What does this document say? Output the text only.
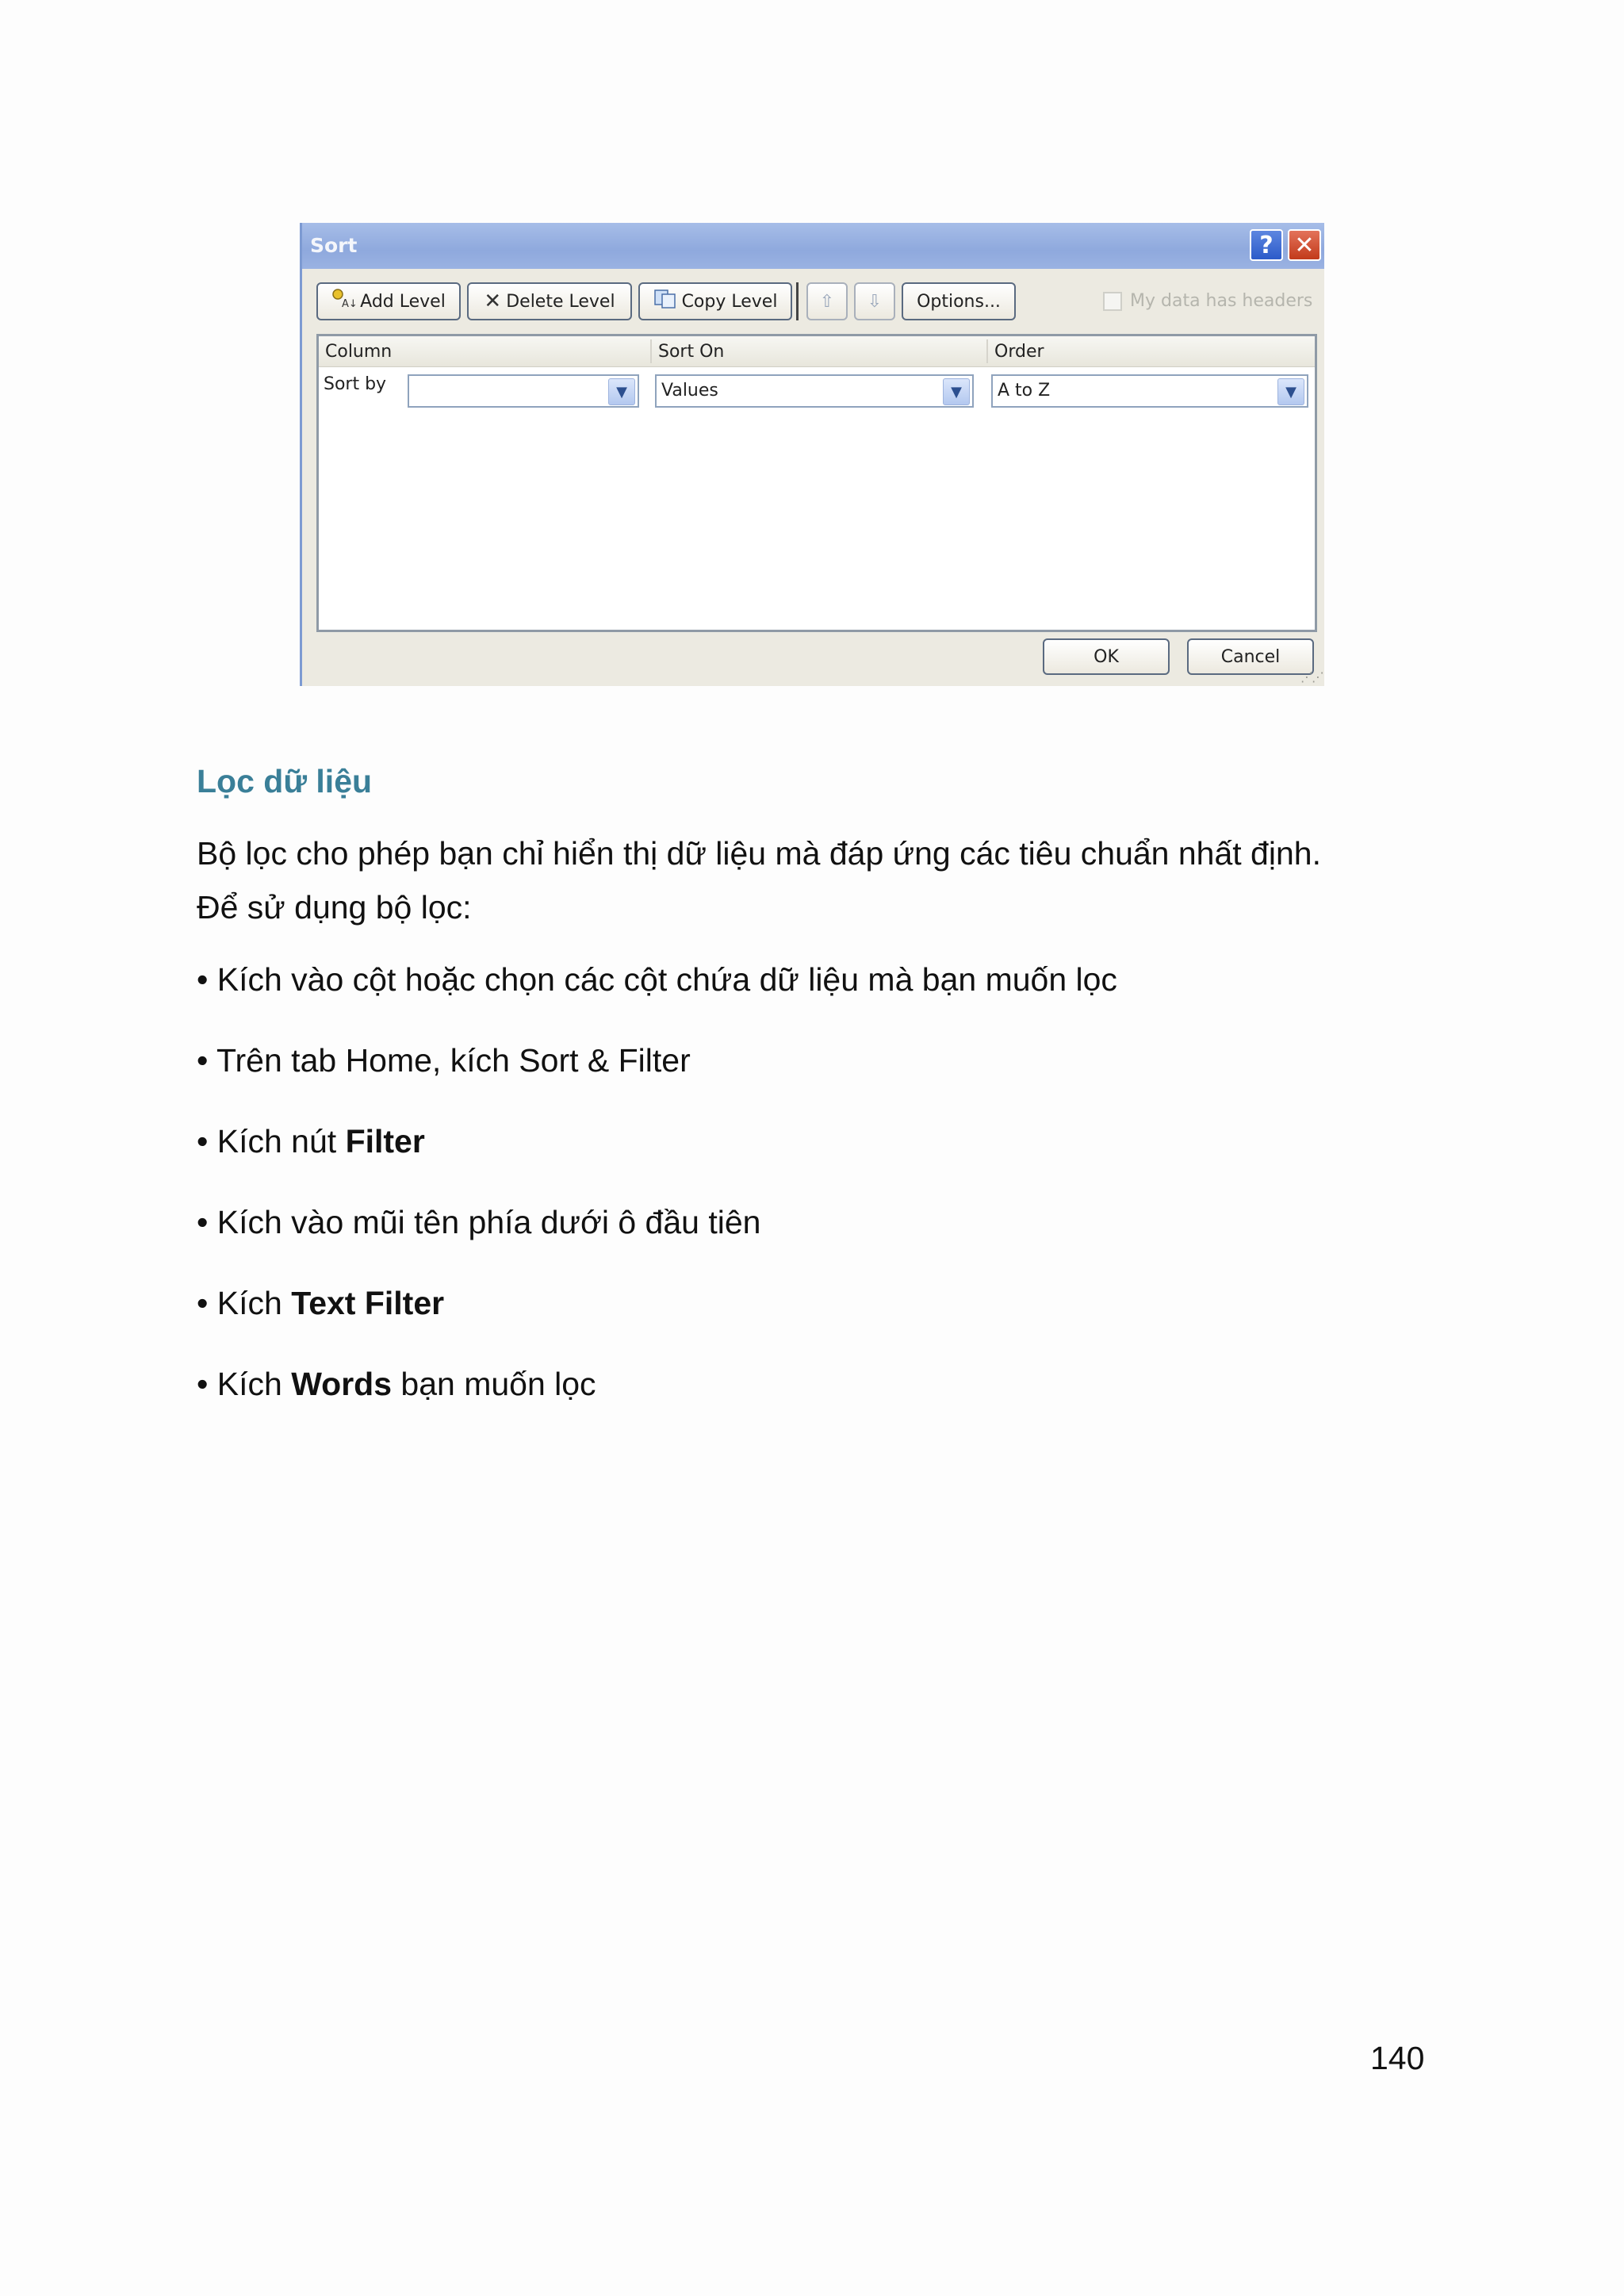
Sort	? ✕
A↓ Add Level ✕ Delete Level	Copy Level ⇧ ⇩ Options...	My data has headers
Column	Sort On	Order
Sort by	▼	Values	▼	A to Z	▼
OK	Cancel
⋰⋰
Lọc dữ liệu
Bộ lọc cho phép bạn chỉ hiển thị dữ liệu mà đáp ứng các tiêu chuẩn nhất định.
Để sử dụng bộ lọc:
• Kích vào cột hoặc chọn các cột chứa dữ liệu mà bạn muốn lọc
• Trên tab Home, kích Sort & Filter
• Kích nút Filter
• Kích vào mũi tên phía dưới ô đầu tiên
• Kích Text Filter
• Kích Words bạn muốn lọc
140
